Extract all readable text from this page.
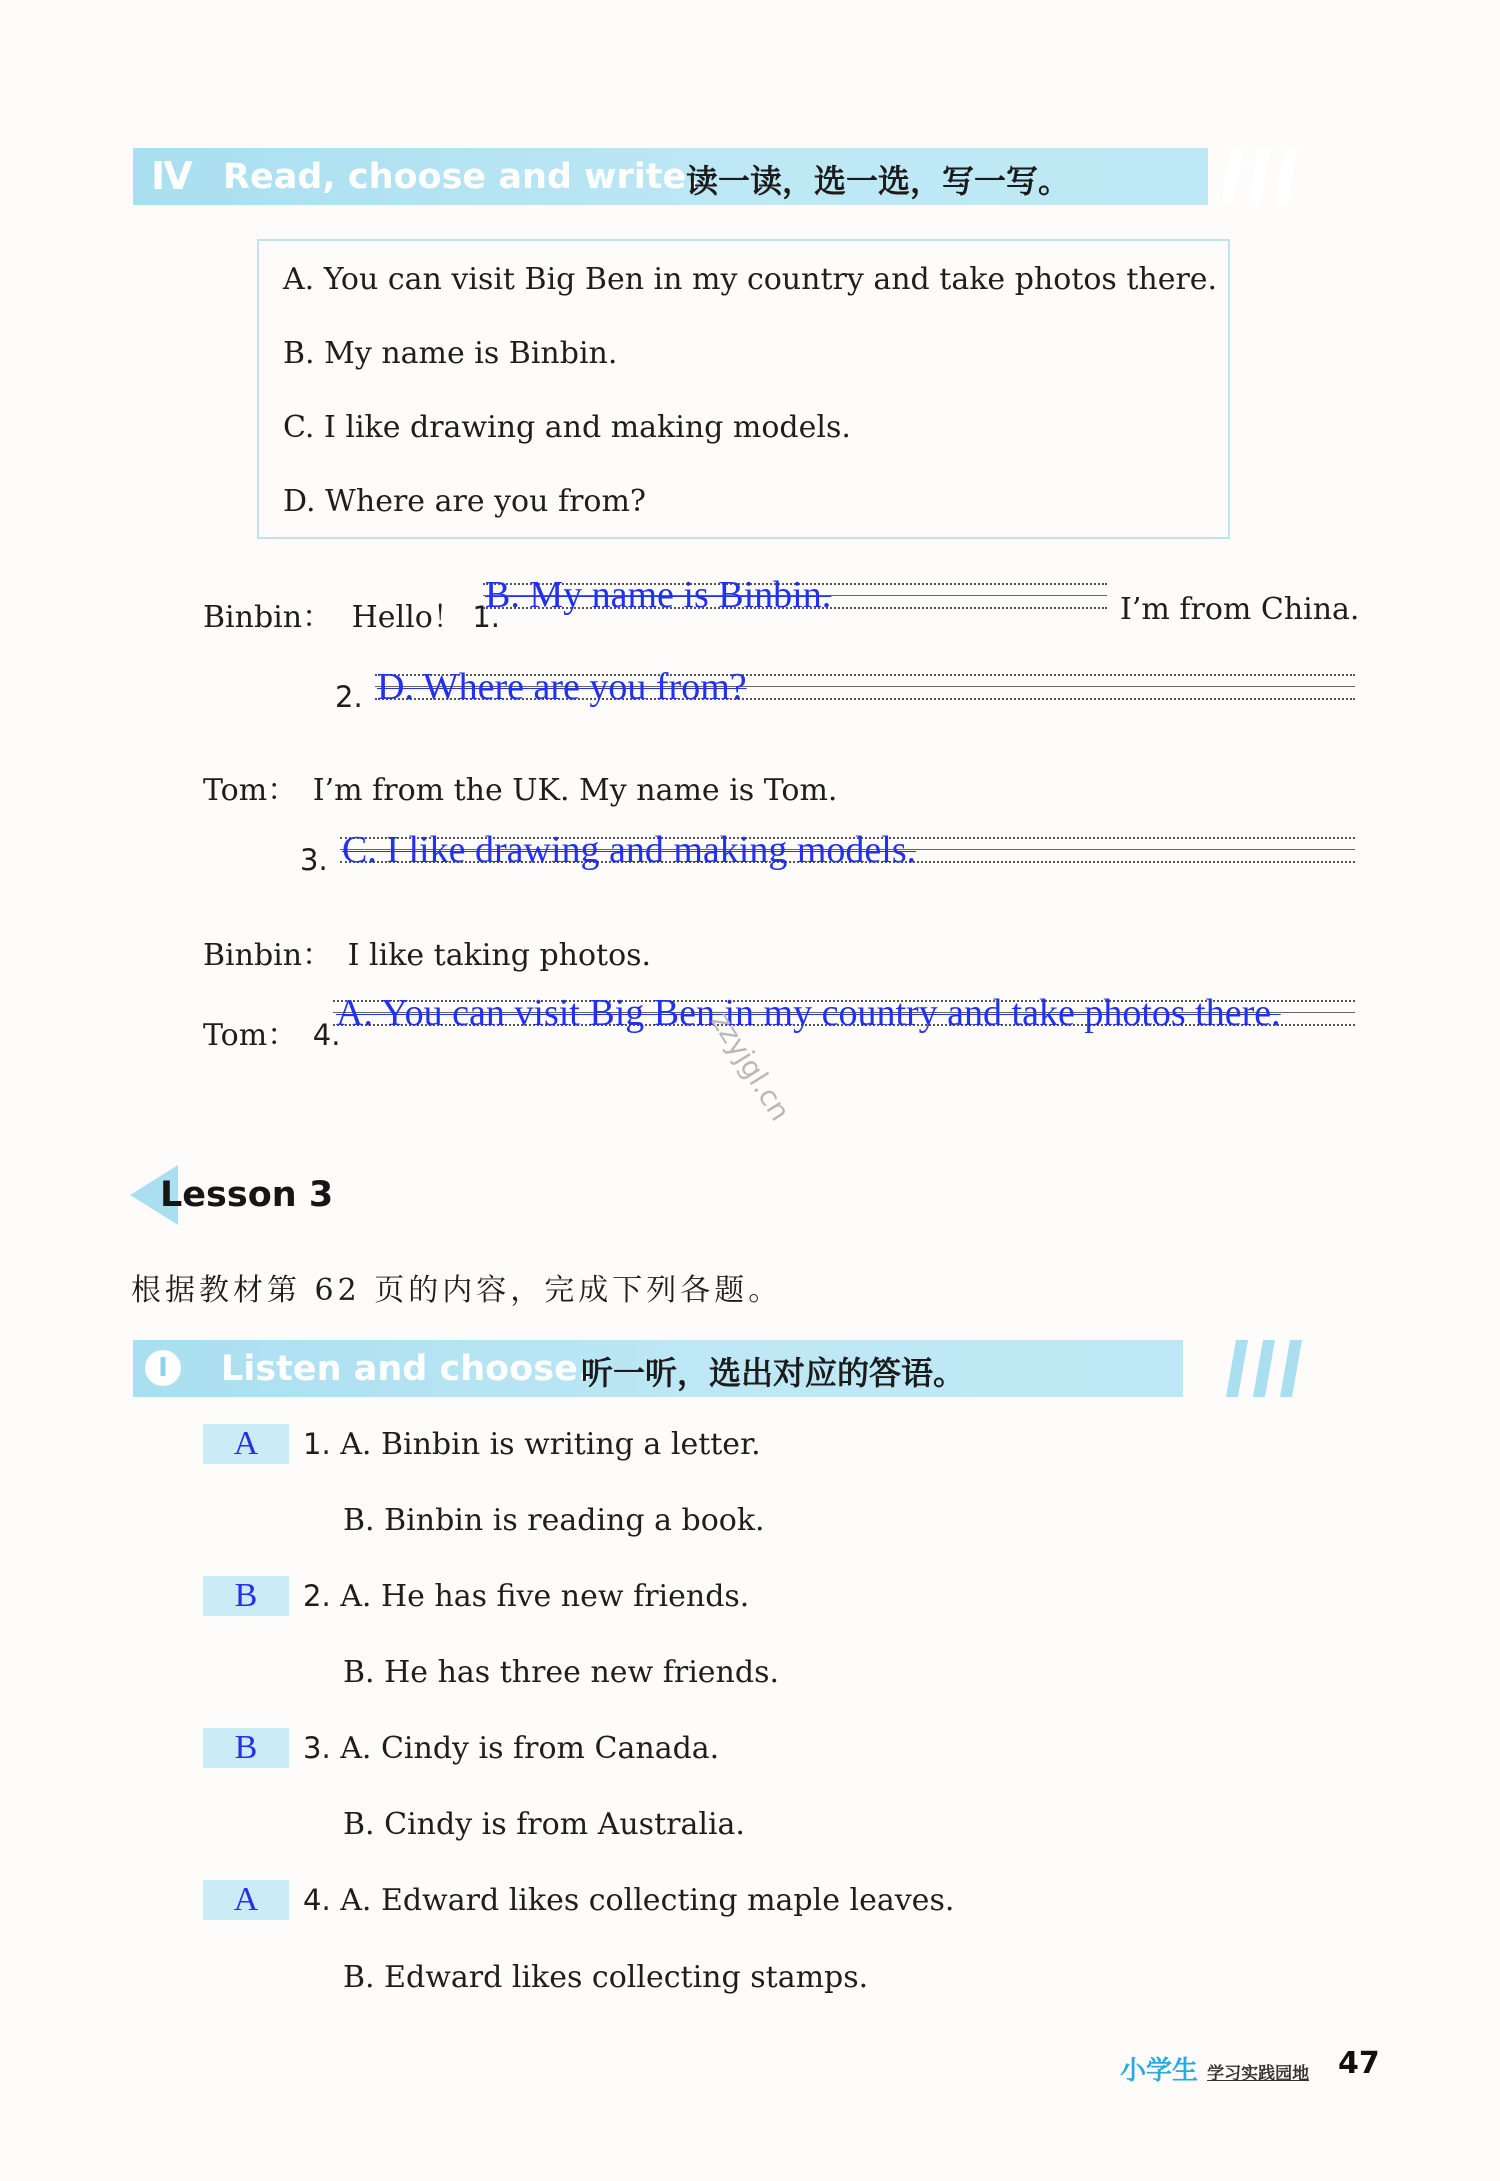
Ⅳ Read, choose and write.
读一读，选一选，写一写。
A. You can visit Big Ben in my country and take photos there.
B. My name is Binbin.
C. I like drawing and making models.
D. Where are you from?
Binbin： Hello！ 1.
B. My name is Binbin.	I’m from China.
2. D. Where are you from?
Tom： I’m from the UK. My name is Tom.
3. C. I like drawing and making models.
Binbin： I like taking photos.
Tom： 4.
A. You can visit Big Ben in my country and take photos there.
zzyjgl.cn
Lesson 3
根据教材第 62 页的内容，完成下列各题。
Ⅰ	Listen and choose.
听一听，选出对应的答语。
A	1. A. Binbin is writing a letter.
B. Binbin is reading a book.
B	2. A. He has five new friends.
B. He has three new friends.
B	3. A. Cindy is from Canada.
B. Cindy is from Australia.
A	4. A. Edward likes collecting maple leaves.
B. Edward likes collecting stamps.
小学生 学习实践园地 47
